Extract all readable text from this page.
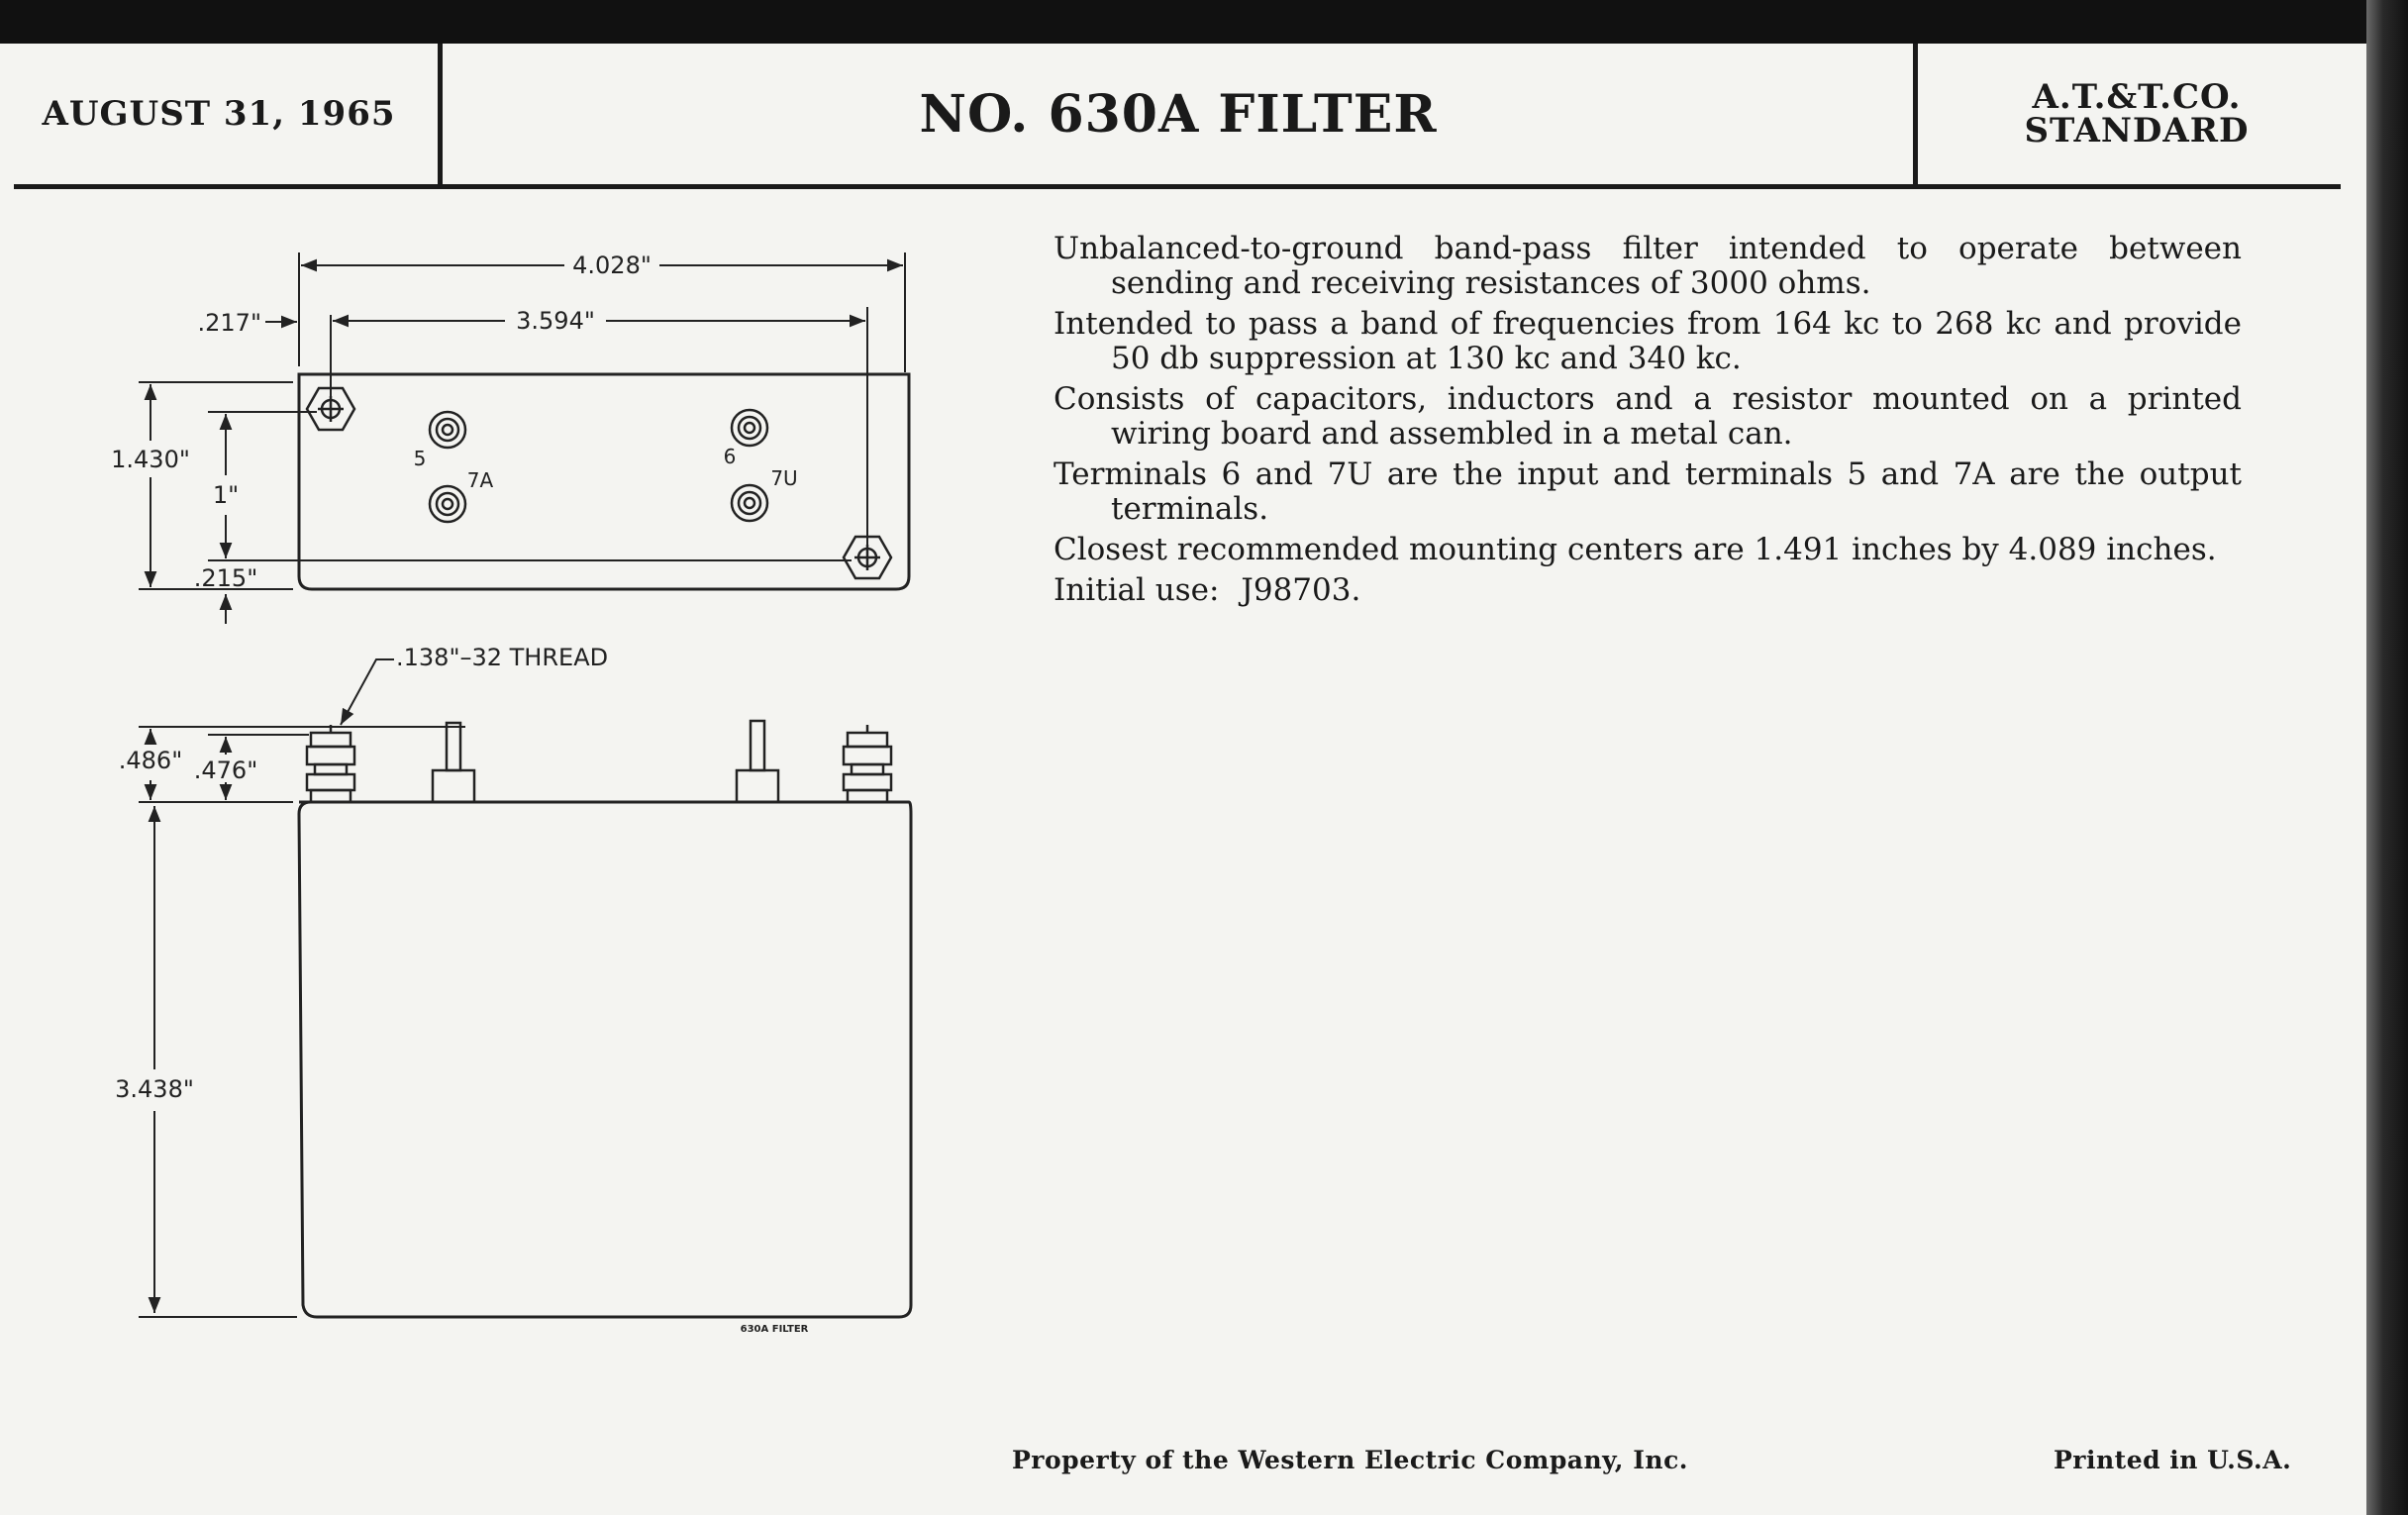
AUGUST 31, 1965	NO. 630A FILTER	A.T.&T.CO.
STANDARD
Unbalanced-to-ground band-pass filter intended to operate between sending and receiving resistances of 3000 ohms.
Intended to pass a band of frequencies from 164 kc to 268 kc and provide 50 db suppression at 130 kc and 340 kc.
Consists of capacitors, inductors and a resistor mounted on a printed wiring board and assembled in a metal can.
Terminals 6 and 7U are the input and terminals 5 and 7A are the output terminals.
Closest recommended mounting centers are 1.491 inches by 4.089 inches.
Initial use: J98703.
Property of the Western Electric Company, Inc.	Printed in U.S.A.
4.028"
3.594"
.217"
1.430"
1"
.215"
5
7A
6
7U
.138"–32 THREAD
.486" .476"
3.438"
630A FILTER
